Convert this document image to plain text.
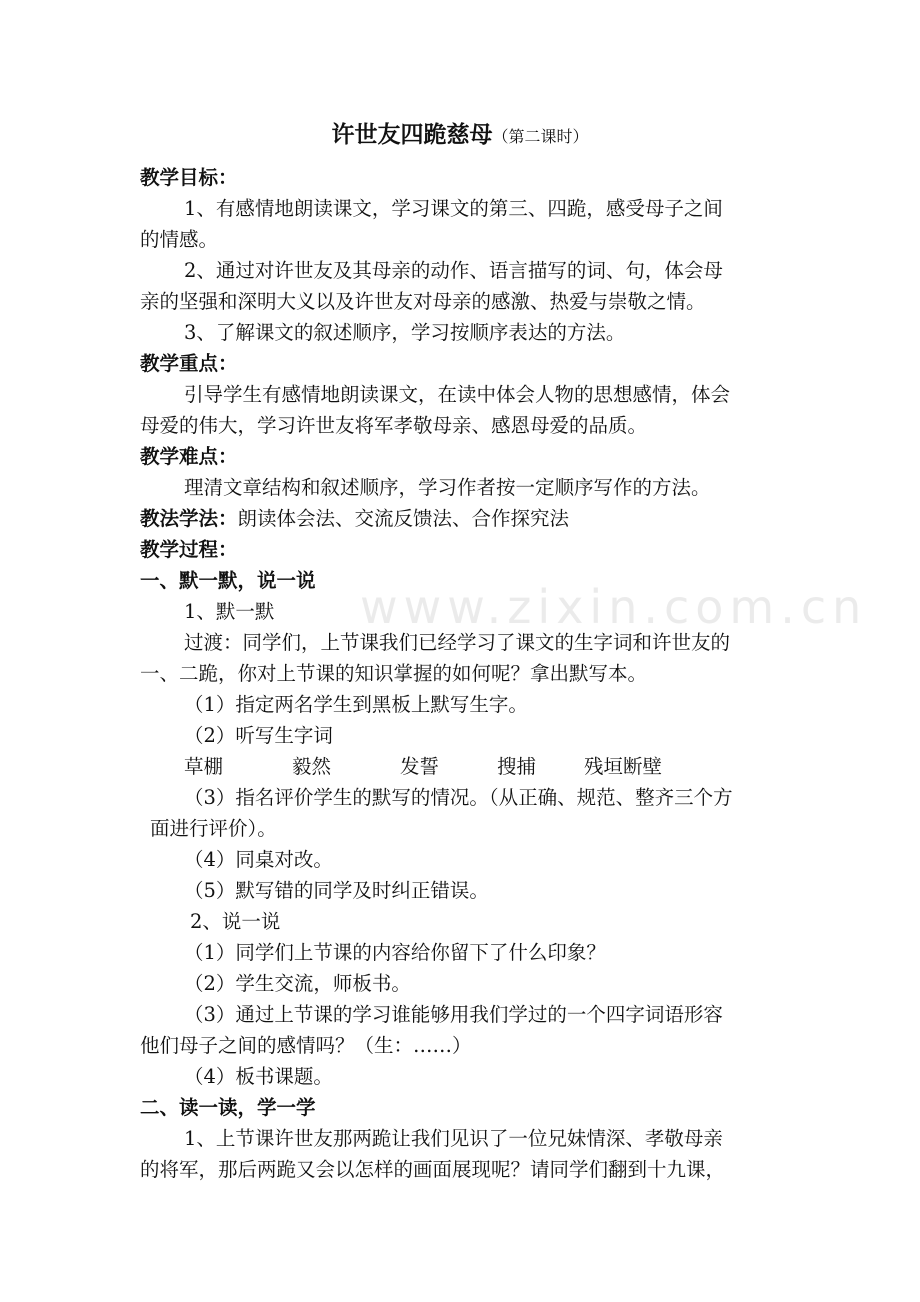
许世友四跪慈母（第二课时）
www.zixin.com.cn
教学目标：
1、有感情地朗读课文，学习课文的第三、四跪，感受母子之间
的情感。
2、通过对许世友及其母亲的动作、语言描写的词、句，体会母
亲的坚强和深明大义以及许世友对母亲的感激、热爱与崇敬之情。
3、了解课文的叙述顺序，学习按顺序表达的方法。
教学重点：
引导学生有感情地朗读课文，在读中体会人物的思想感情，体会
母爱的伟大，学习许世友将军孝敬母亲、感恩母爱的品质。
教学难点：
理清文章结构和叙述顺序，学习作者按一定顺序写作的方法。
教法学法：朗读体会法、交流反馈法、合作探究法
教学过程：
一、默一默，说一说
1、默一默
过渡：同学们，上节课我们已经学习了课文的生字词和许世友的
一、二跪，你对上节课的知识掌握的如何呢？拿出默写本。
（1）指定两名学生到黑板上默写生字。
（2）听写生字词
草棚	毅然	发誓	搜捕 残垣断壁
（3）指名评价学生的默写的情况。（从正确、规范、整齐三个方
面进行评价）。
（4）同桌对改。
（5）默写错的同学及时纠正错误。
2、说一说
（1）同学们上节课的内容给你留下了什么印象？
（2）学生交流，师板书。
（3）通过上节课的学习谁能够用我们学过的一个四字词语形容
他们母子之间的感情吗？（生：……）
（4）板书课题。
二、读一读，学一学
1、上节课许世友那两跪让我们见识了一位兄妹情深、孝敬母亲
的将军，那后两跪又会以怎样的画面展现呢？请同学们翻到十九课，
